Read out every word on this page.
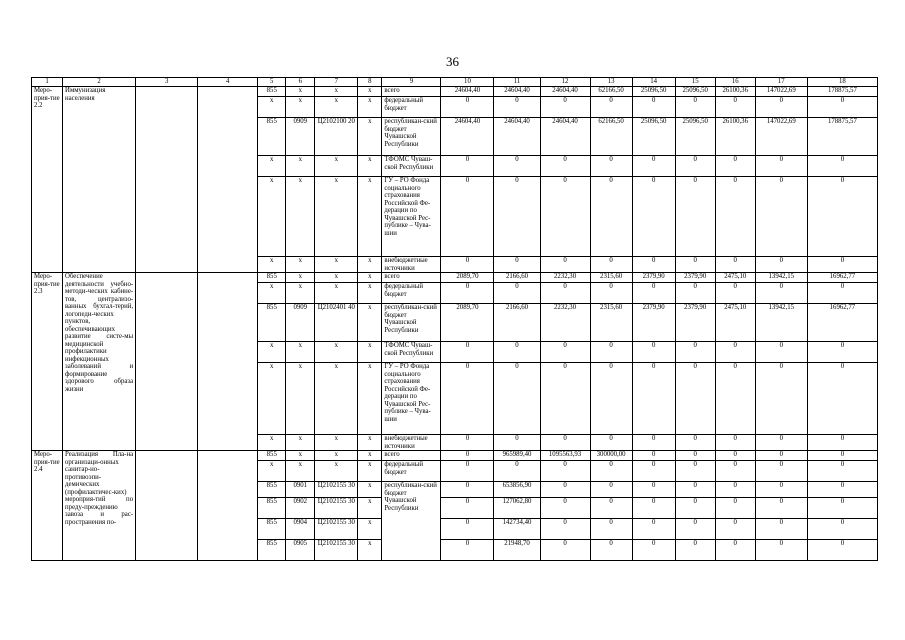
36
1	2	3	4	5	6	7	8	9	10	11	12	13	14	15	16	17	18
Меро-прия-тие 2.2	Иммунизация населения			855	x	x	x	всего	24604,40	24604,40	24604,40	62166,50	25096,50	25096,50	26100,36	147022,69	178875,57
				x	x	x	x	федеральный бюджет	0	0	0	0	0	0	0	0	0
				855	0909	Ц2102100 20	x	республикан-ский бюджет Чувашской Республики	24604,40	24604,40	24604,40	62166,50	25096,50	25096,50	26100,36	147022,69	178875,57
				x	x	x	x	ТФОМС Чуваш-ской Республики	0	0	0	0	0	0	0	0	0
				x	x	x	x	ГУ – РО Фонда социального страхования Российской Фе-дерации по Чувашской Рес-публике – Чува-шии	0	0	0	0	0	0	0	0	0
				x	x	x	x	внебюджетные источники	0	0	0	0	0	0	0	0	0
Меро-прия-тие 2.3	Обеспечение деятельности учебно-методи-ческих кабине-тов, централизо-ванных бухгал-терий, логопеди-ческих пунктов, обеспечивающих развитие систе-мы медицинской профилактики инфекционных заболеваний и формирование здорового образа жизни			855	x	x	x	всего	2089,70	2166,60	2232,30	2315,60	2379,90	2379,90	2475,10	13942,15	16962,77
				x	x	x	x	федеральный бюджет	0	0	0	0	0	0	0	0	0
				855	0909	Ц2102401 40	x	республикан-ский бюджет Чувашской Республики	2089,70	2166,60	2232,30	2315,60	2379,90	2379,90	2475,10	13942,15	16962,77
				x	x	x	x	ТФОМС Чуваш-ской Республики	0	0	0	0	0	0	0	0	0
				x	x	x	x	ГУ – РО Фонда социального страхования Российской Фе-дерации по Чувашской Рес-публике – Чува-шии	0	0	0	0	0	0	0	0	0
				x	x	x	x	внебюджетные источники	0	0	0	0	0	0	0	0	0
Меро-прия-тие 2.4	Реализация Пла-на организаци-онных санитар-но-противоэпи-демических (профилактичес-ких) мероприя-тий по преду-преждению завоза и рас-пространения по-			855	x	x	x	всего	0	965989,40	1095563,93	300000,00	0	0	0	0	0
				x	x	x	x	федеральный бюджет	0	0	0	0	0	0	0	0	0
				855	0901	Ц2102155 30	x	республикан-ский бюджет Чувашской Республики	0	653856,90	0	0	0	0	0	0	0
				855	0902	Ц2102155 30	x		0	127062,80	0	0	0	0	0	0	0
				855	0904	Ц2102155 30	x		0	142734,40	0	0	0	0	0	0	0
				855	0905	Ц2102155 30	x		0	21948,70	0	0	0	0	0	0	0
